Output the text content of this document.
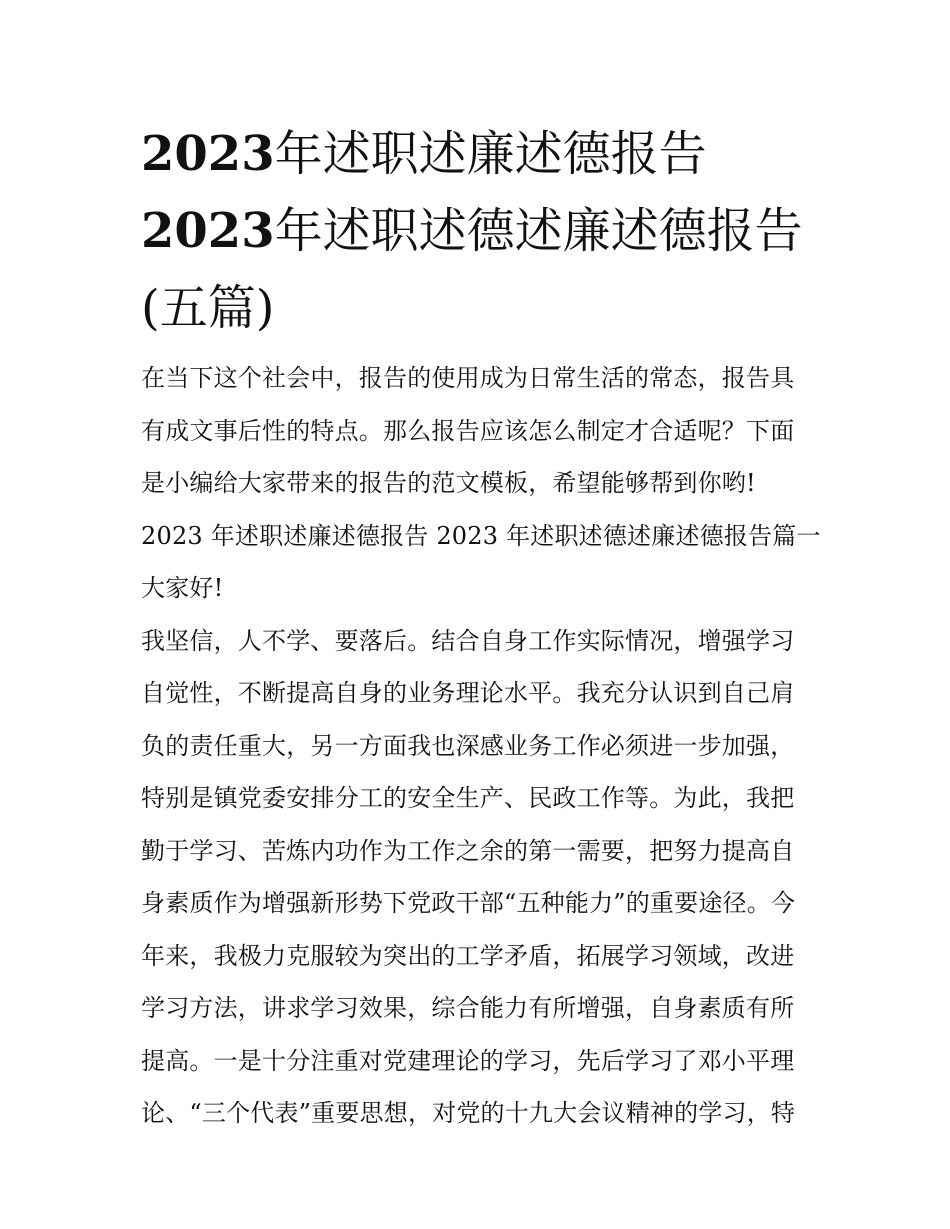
2023年述职述廉述德报告
2023年述职述德述廉述德报告
(五篇)
在当下这个社会中，报告的使用成为日常生活的常态，报告具
有成文事后性的特点。那么报告应该怎么制定才合适呢？下面
是小编给大家带来的报告的范文模板，希望能够帮到你哟!
2023 年述职述廉述德报告 2023 年述职述德述廉述德报告篇一
大家好!
我坚信，人不学、要落后。结合自身工作实际情况，增强学习
自觉性，不断提高自身的业务理论水平。我充分认识到自己肩
负的责任重大，另一方面我也深感业务工作必须进一步加强，
特别是镇党委安排分工的安全生产、民政工作等。为此，我把
勤于学习、苦炼内功作为工作之余的第一需要，把努力提高自
身素质作为增强新形势下党政干部“五种能力”的重要途径。今
年来，我极力克服较为突出的工学矛盾，拓展学习领域，改进
学习方法，讲求学习效果，综合能力有所增强，自身素质有所
提高。一是十分注重对党建理论的学习，先后学习了邓小平理
论、“三个代表”重要思想，对党的十九大会议精神的学习，特
